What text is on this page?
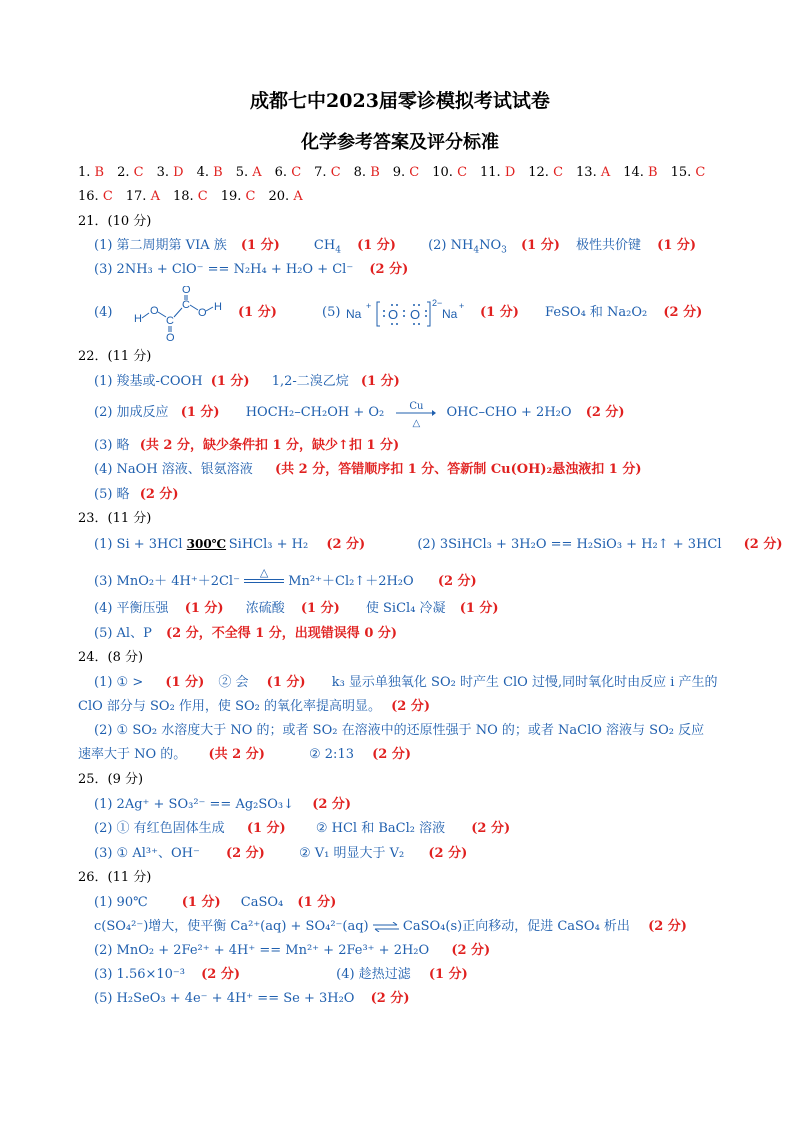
成都七中2023届零诊模拟考试试卷
化学参考答案及评分标准
1. B 2. C 3. D 4. B 5. A 6. C 7. C 8. B 9. C 10. C 11. D 12. C 13. A 14. B 15. C
16. C 17. A 18. C 19. C 20. A
21．(10 分)
(1) 第二周期第 VIA 族 (1 分)	$CH_4$ (1 分) (2) $NH_4NO_3$ (1 分) 极性共价键 (1 分)
(3) 2NH₃ + ClO⁻ == N₂H₄ + H₂O + Cl⁻ (2 分)
(4) H
O
C
O
C
O
O H (1 分)	(5) Na
+
O O
2−
Na
+ (1 分) FeSO₄ 和 Na₂O₂ (2 分)
22．(11 分)
(1) 羧基或-COOH (1 分) 1,2-二溴乙烷 (1 分)
(2) 加成反应 (1 分) HOCH₂–CH₂OH + O₂	Cu
△
OHC–CHO + 2H₂O (2 分)
(3) 略 (共 2 分，缺少条件扣 1 分，缺少↑扣 1 分)
(4) NaOH 溶液、银氨溶液 (共 2 分，答错顺序扣 1 分、答新制 Cu(OH)₂悬浊液扣 1 分)
(5) 略 (2 分)
23．(11 分)
(1) Si + 3HCl 300℃ SiHCl₃ + H₂ (2 分)	(2) 3SiHCl₃ + 3H₂O == H₂SiO₃ + H₂↑ + 3HCl (2 分)
(3) MnO₂＋ 4H⁺＋2Cl⁻
△
Mn²⁺＋Cl₂↑＋2H₂O (2 分)
(4) 平衡压强 (1 分) 浓硫酸 (1 分) 使 SiCl₄ 冷凝 (1 分)
(5) Al、P (2 分，不全得 1 分，出现错误得 0 分)
24．(8 分)
(1) ① > (1 分) ② 会 (1 分) k₃ 显示单独氧化 SO₂ 时产生 ClO 过慢,同时氧化时由反应 i 产生的
ClO 部分与 SO₂ 作用，使 SO₂ 的氧化率提高明显。 (2 分)
(2) ① SO₂ 水溶度大于 NO 的；或者 SO₂ 在溶液中的还原性强于 NO 的；或者 NaClO 溶液与 SO₂ 反应
速率大于 NO 的。 (共 2 分)	② 2:13 (2 分)
25．(9 分)
(1) 2Ag⁺ + SO₃²⁻ == Ag₂SO₃↓ (2 分)
(2) ① 有红色固体生成 (1 分) ② HCl 和 BaCl₂ 溶液 (2 分)
(3) ① Al³⁺、OH⁻ (2 分)	② V₁ 明显大于 V₂ (2 分)
26．(11 分)
(1) 90℃	(1 分) CaSO₄ (1 分)
c(SO₄²⁻)增大，使平衡 Ca²⁺(aq) + SO₄²⁻(aq) ⇌ CaSO₄(s)正向移动，促进 CaSO₄ 析出 (2 分)
(2) MnO₂ + 2Fe²⁺ + 4H⁺ == Mn²⁺ + 2Fe³⁺ + 2H₂O (2 分)
(3) 1.56×10⁻³ (2 分)	(4) 趁热过滤 (1 分)
(5) H₂SeO₃ + 4e⁻ + 4H⁺ == Se + 3H₂O (2 分)
